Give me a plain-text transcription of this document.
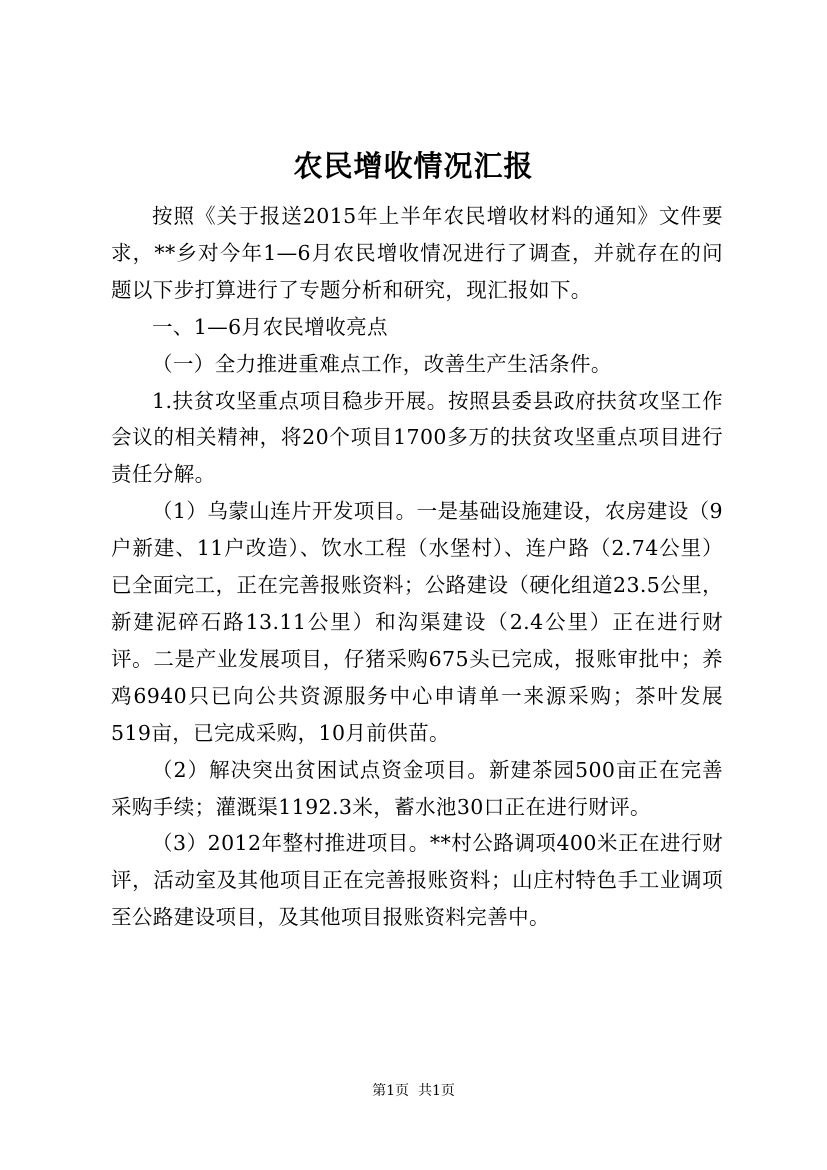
农民增收情况汇报

按照《关于报送2015年上半年农民增收材料的通知》文件要求，**乡对今年1—6月农民增收情况进行了调查，并就存在的问题以下步打算进行了专题分析和研究，现汇报如下。

一、1—6月农民增收亮点

（一）全力推进重难点工作，改善生产生活条件。

1.扶贫攻坚重点项目稳步开展。按照县委县政府扶贫攻坚工作会议的相关精神，将20个项目1700多万的扶贫攻坚重点项目进行责任分解。

（1）乌蒙山连片开发项目。一是基础设施建设，农房建设（9户新建、11户改造）、饮水工程（水堡村）、连户路（2.74公里）已全面完工，正在完善报账资料；公路建设（硬化组道23.5公里，新建泥碎石路13.11公里）和沟渠建设（2.4公里）正在进行财评。二是产业发展项目，仔猪采购675头已完成，报账审批中；养鸡6940只已向公共资源服务中心申请单一来源采购；茶叶发展519亩，已完成采购，10月前供苗。

（2）解决突出贫困试点资金项目。新建茶园500亩正在完善采购手续；灌溉渠1192.3米，蓄水池30口正在进行财评。

（3）2012年整村推进项目。**村公路调项400米正在进行财评，活动室及其他项目正在完善报账资料；山庄村特色手工业调项至公路建设项目，及其他项目报账资料完善中。

第1页  共1页
